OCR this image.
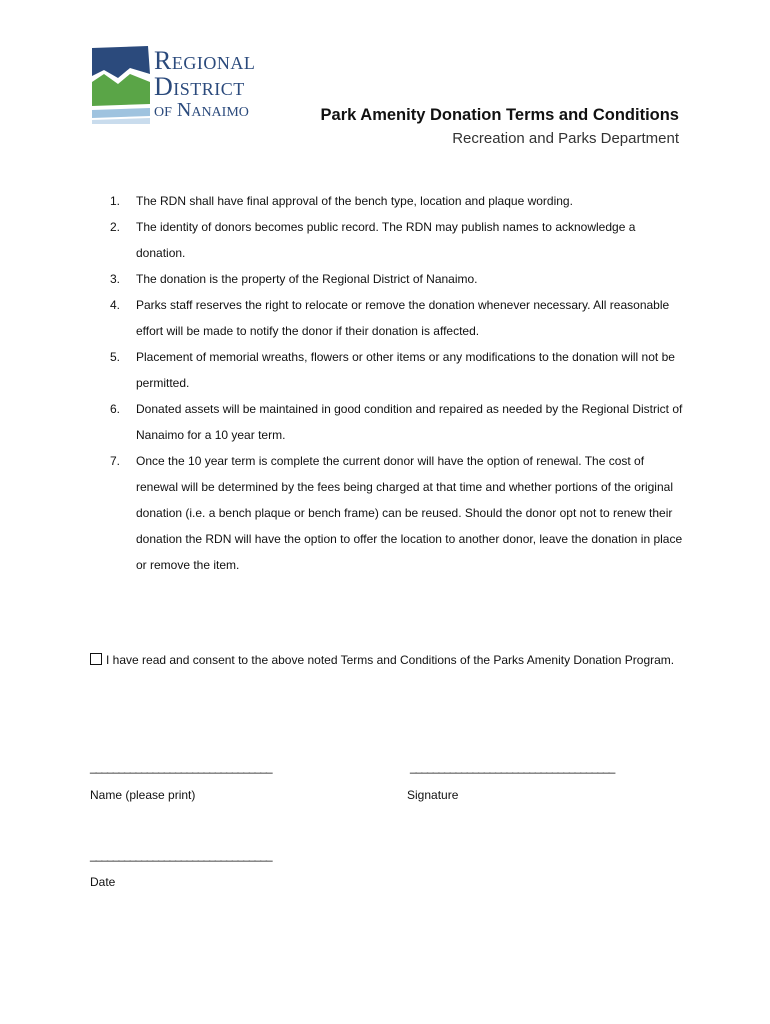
Regional
District
of Nanaimo	Park Amenity Donation Terms and Conditions
Recreation and Parks Department
1.	The RDN shall have final approval of the bench type, location and plaque wording.
2.	The identity of donors becomes public record. The RDN may publish names to acknowledge a donation.
3.	The donation is the property of the Regional District of Nanaimo.
4.	Parks staff reserves the right to relocate or remove the donation whenever necessary. All reasonable effort will be made to notify the donor if their donation is affected.
5.	Placement of memorial wreaths, flowers or other items or any modifications to the donation will not be permitted.
6.	Donated assets will be maintained in good condition and repaired as needed by the Regional District of Nanaimo for a 10 year term.
7.	Once the 10 year term is complete the current donor will have the option of renewal. The cost of renewal will be determined by the fees being charged at that time and whether portions of the original donation (i.e. a bench plaque or bench frame) can be reused. Should the donor opt not to renew their donation the RDN will have the option to offer the location to another donor, leave the donation in place or remove the item.
I have read and consent to the above noted Terms and Conditions of the Parks Amenity Donation Program.
________________________________
Name (please print)
____________________________________
Signature
________________________________
Date
